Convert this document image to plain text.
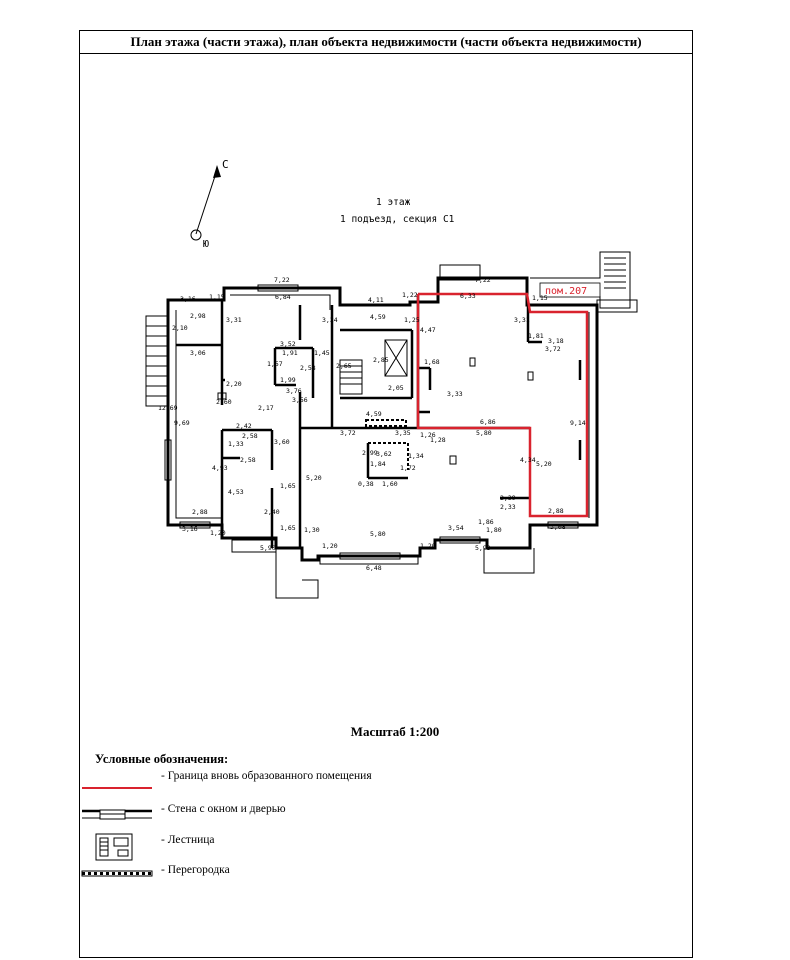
План этажа (части этажа), план объекта недвижимости (части объекта недвижимости)
С
Ю
1 этаж
1 подъезд, секция С1
пом.207
7,22
3,16 1,15	6,84	4,11
1,22
7,22
6,33	1,15
2,98	3,31	3,24	4,59	1,25
2,10
3,06
3,52
1,91	1,45
1,57
1,99
2,58	2,65
2,85
2,05
1,68
3,33
4,47
3,31
1,81
3,18
3,72
2,20
2,60
3,76
3,56
2,17
4,59
6,86	9,14
12,69
9,69	2,42
2,58
1,33
2,58
3,60
3,72	3,35 1,26
1,28
5,80
2,99
3,62	1,34
1,84 1,72
0,38 1,60
4,34 5,20
4,93
4,53
1,65
5,20
2,40
2,39
2,33
2,88	2,88
3,16 1,20
1,65 1,30	5,80
3,54
1,86
1,80	3,08
5,90	1,20	1,20
6,48
5,93
Масштаб 1:200
Условные обозначения:
- Граница вновь образованного помещения
- Стена с окном и дверью
- Лестница
- Перегородка
